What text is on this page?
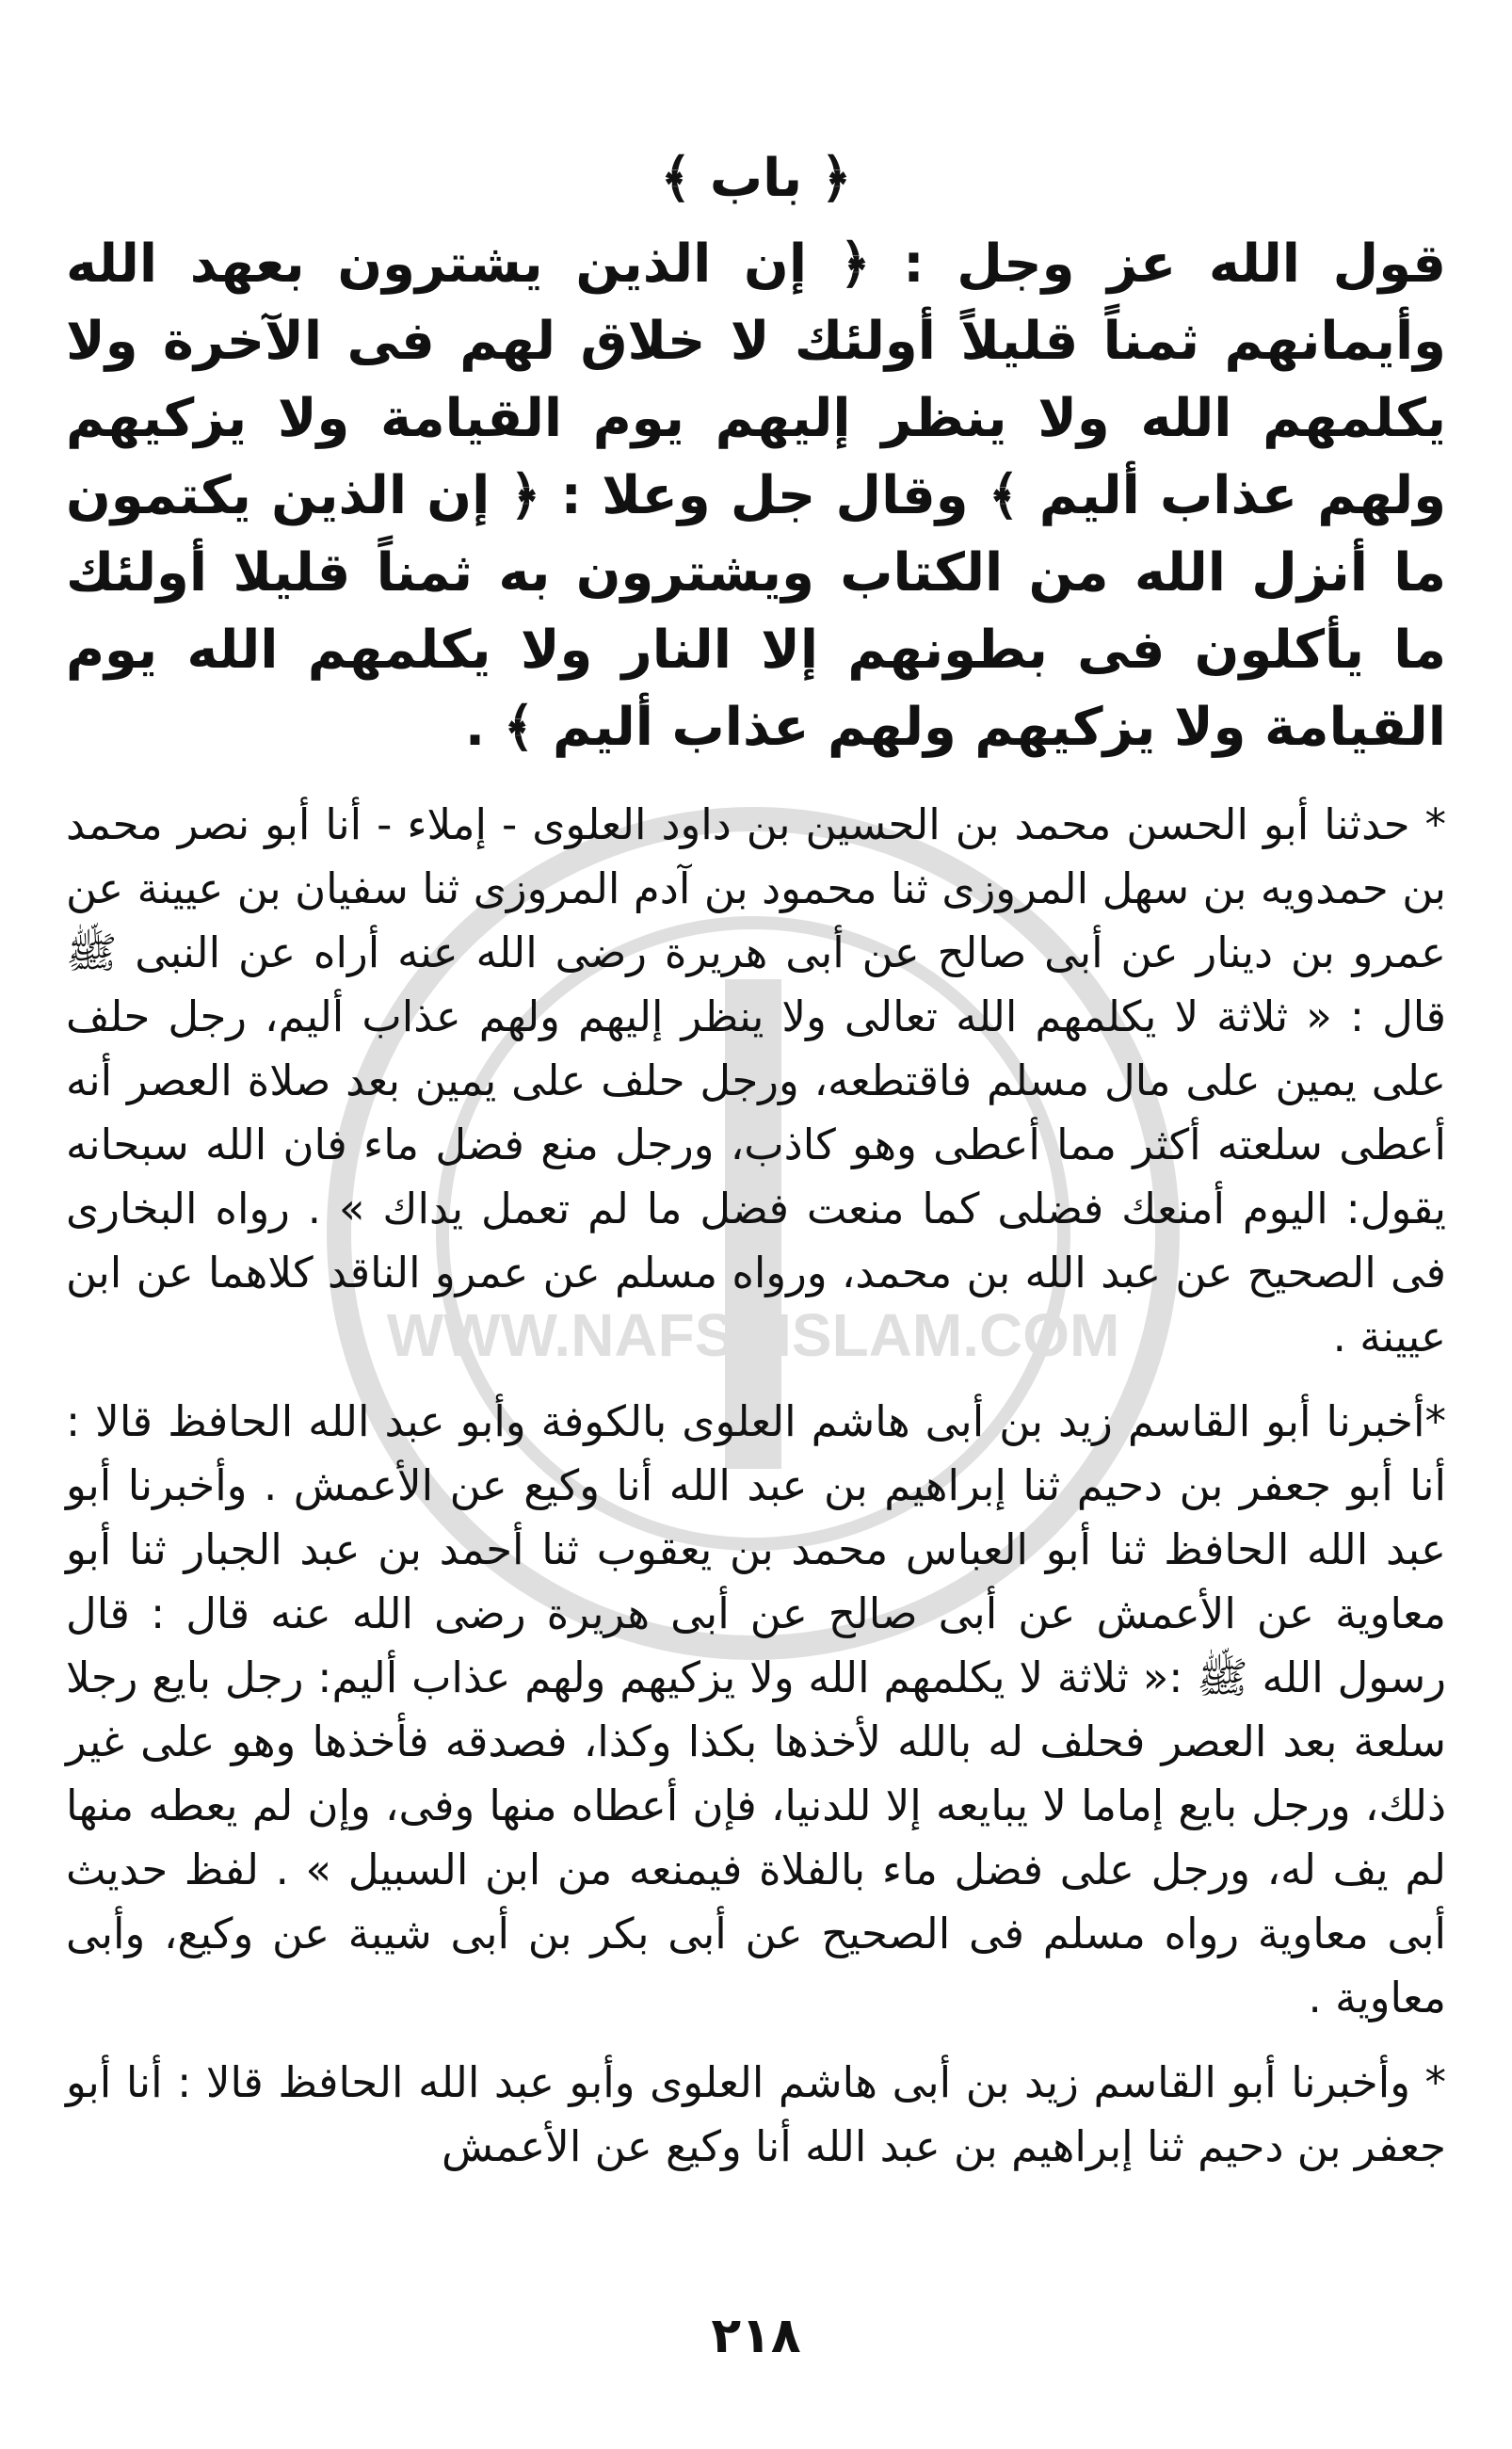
WWW.NAFSEISLAM.COM
﴿ باب ﴾

قول الله عز وجل : ﴿ إن الذين يشترون بعهد الله وأيمانهم ثمناً قليلاً أولئك لا خلاق لهم فى الآخرة ولا يكلمهم الله ولا ينظر إليهم يوم القيامة ولا يزكيهم ولهم عذاب أليم ﴾ وقال جل وعلا : ﴿ إن الذين يكتمون ما أنزل الله من الكتاب ويشترون به ثمناً قليلا أولئك ما يأكلون فى بطونهم إلا النار ولا يكلمهم الله يوم القيامة ولا يزكيهم ولهم عذاب أليم ﴾ .

* حدثنا أبو الحسن محمد بن الحسين بن داود العلوى - إملاء - أنا أبو نصر محمد بن حمدويه بن سهل المروزى ثنا محمود بن آدم المروزى ثنا سفيان بن عيينة عن عمرو بن دينار عن أبى صالح عن أبى هريرة رضى الله عنه أراه عن النبى ﷺ قال : « ثلاثة لا يكلمهم الله تعالى ولا ينظر إليهم ولهم عذاب أليم، رجل حلف على يمين على مال مسلم فاقتطعه، ورجل حلف على يمين بعد صلاة العصر أنه أعطى سلعته أكثر مما أعطى وهو كاذب، ورجل منع فضل ماء فان الله سبحانه يقول: اليوم أمنعك فضلى كما منعت فضل ما لم تعمل يداك » . رواه البخارى فى الصحيح عن عبد الله بن محمد، ورواه مسلم عن عمرو الناقد كلاهما عن ابن عيينة .

*أخبرنا أبو القاسم زيد بن أبى هاشم العلوى بالكوفة وأبو عبد الله الحافظ قالا : أنا أبو جعفر بن دحيم ثنا إبراهيم بن عبد الله أنا وكيع عن الأعمش . وأخبرنا أبو عبد الله الحافظ ثنا أبو العباس محمد بن يعقوب ثنا أحمد بن عبد الجبار ثنا أبو معاوية عن الأعمش عن أبى صالح عن أبى هريرة رضى الله عنه قال : قال رسول الله ﷺ :« ثلاثة لا يكلمهم الله ولا يزكيهم ولهم عذاب أليم: رجل بايع رجلا سلعة بعد العصر فحلف له بالله لأخذها بكذا وكذا، فصدقه فأخذها وهو على غير ذلك، ورجل بايع إماما لا يبايعه إلا للدنيا، فإن أعطاه منها وفى، وإن لم يعطه منها لم يف له، ورجل على فضل ماء بالفلاة فيمنعه من ابن السبيل » . لفظ حديث أبى معاوية رواه مسلم فى الصحيح عن أبى بكر بن أبى شيبة عن وكيع، وأبى معاوية .

* وأخبرنا أبو القاسم زيد بن أبى هاشم العلوى وأبو عبد الله الحافظ قالا : أنا أبو جعفر بن دحيم ثنا إبراهيم بن عبد الله أنا وكيع عن الأعمش

٢١٨
